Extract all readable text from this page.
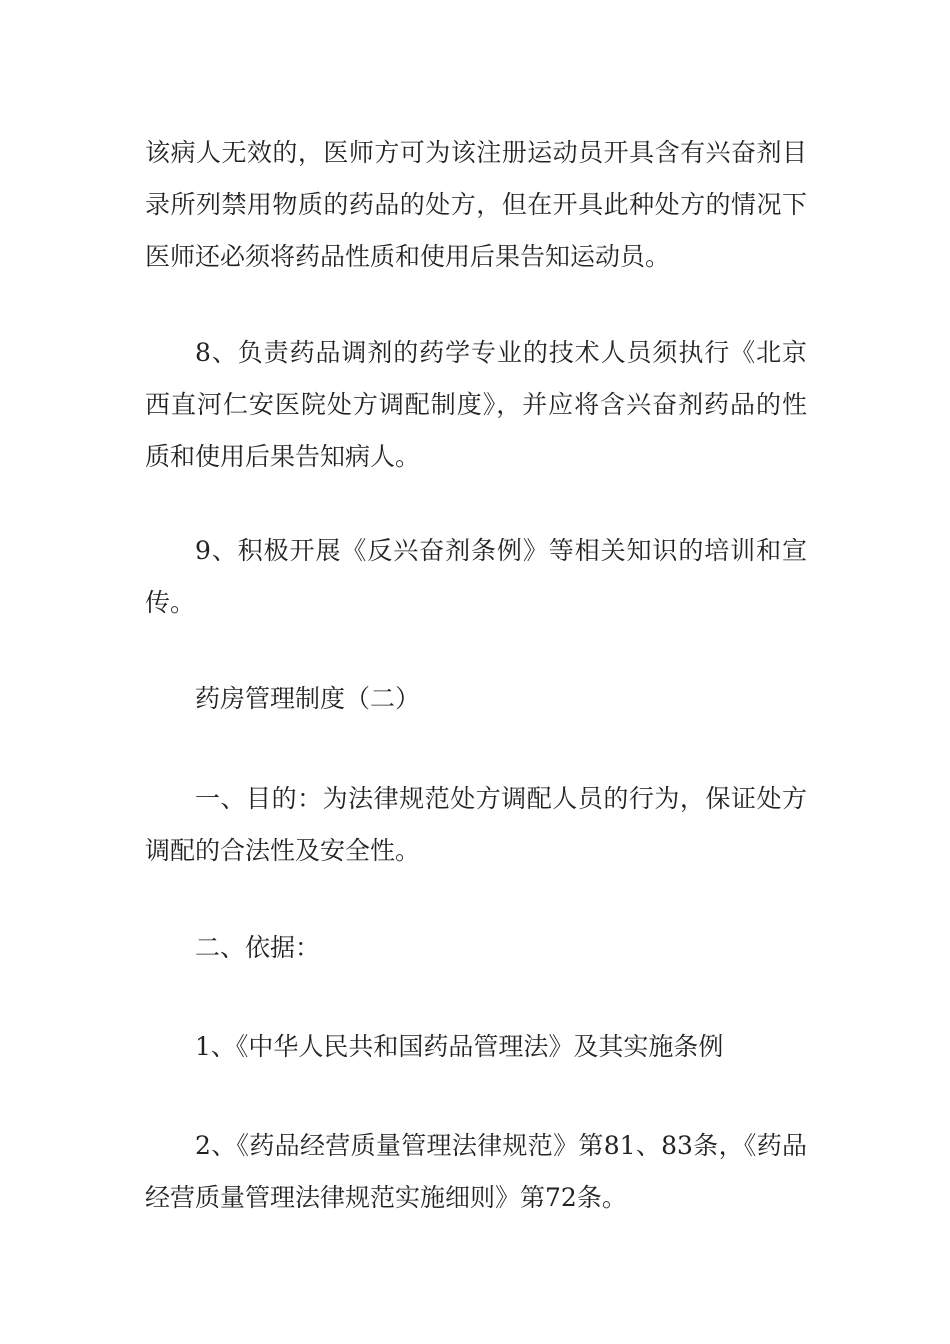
该病人无效的，医师方可为该注册运动员开具含有兴奋剂目录所列禁用物质的药品的处方，但在开具此种处方的情况下医师还必须将药品性质和使用后果告知运动员。

8、负责药品调剂的药学专业的技术人员须执行《北京西直河仁安医院处方调配制度》，并应将含兴奋剂药品的性质和使用后果告知病人。

9、积极开展《反兴奋剂条例》等相关知识的培训和宣传。

药房管理制度（二）

一、目的：为法律规范处方调配人员的行为，保证处方调配的合法性及安全性。

二、依据：

1、《中华人民共和国药品管理法》及其实施条例

2、《药品经营质量管理法律规范》第81、83条，《药品经营质量管理法律规范实施细则》第72条。
